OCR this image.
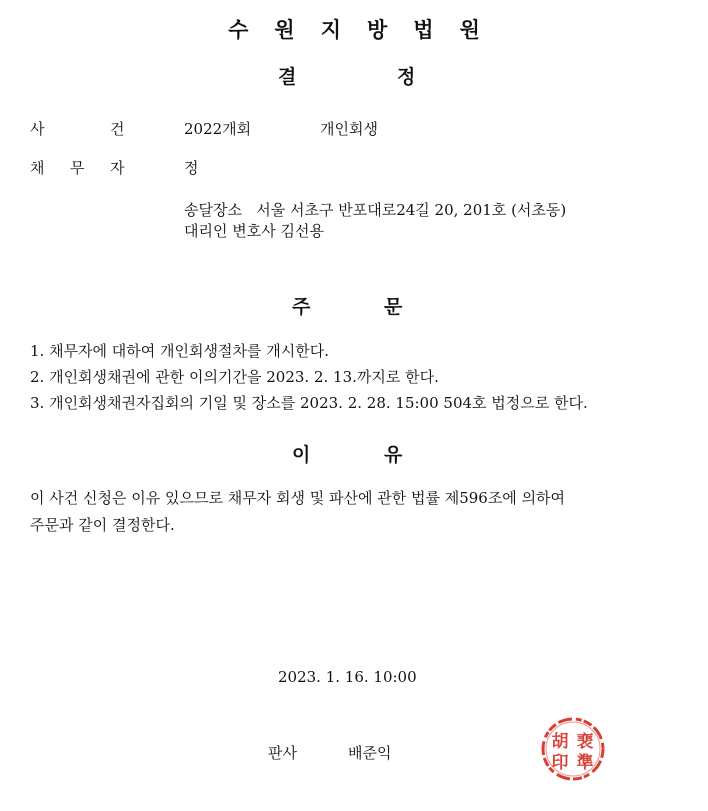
수원지방법원
결	정
사	건	2022개회	개인회생
채 무 자	정
송달장소   서울 서초구 반포대로24길 20, 201호 (서초동)
대리인 변호사 김선용
주	문
1. 채무자에 대하여 개인회생절차를 개시한다.
2. 개인회생채권에 관한 이의기간을 2023. 2. 13.까지로 한다.
3. 개인회생채권자집회의 기일 및 장소를 2023. 2. 28. 15:00 504호 법정으로 한다.
이	유
이 사건 신청은 이유 있으므로 채무자 회생 및 파산에 관한 법률 제596조에 의하여
주문과 같이 결정한다.
2023. 1. 16. 10:00
판사	배준익
胡 裵
印 準
